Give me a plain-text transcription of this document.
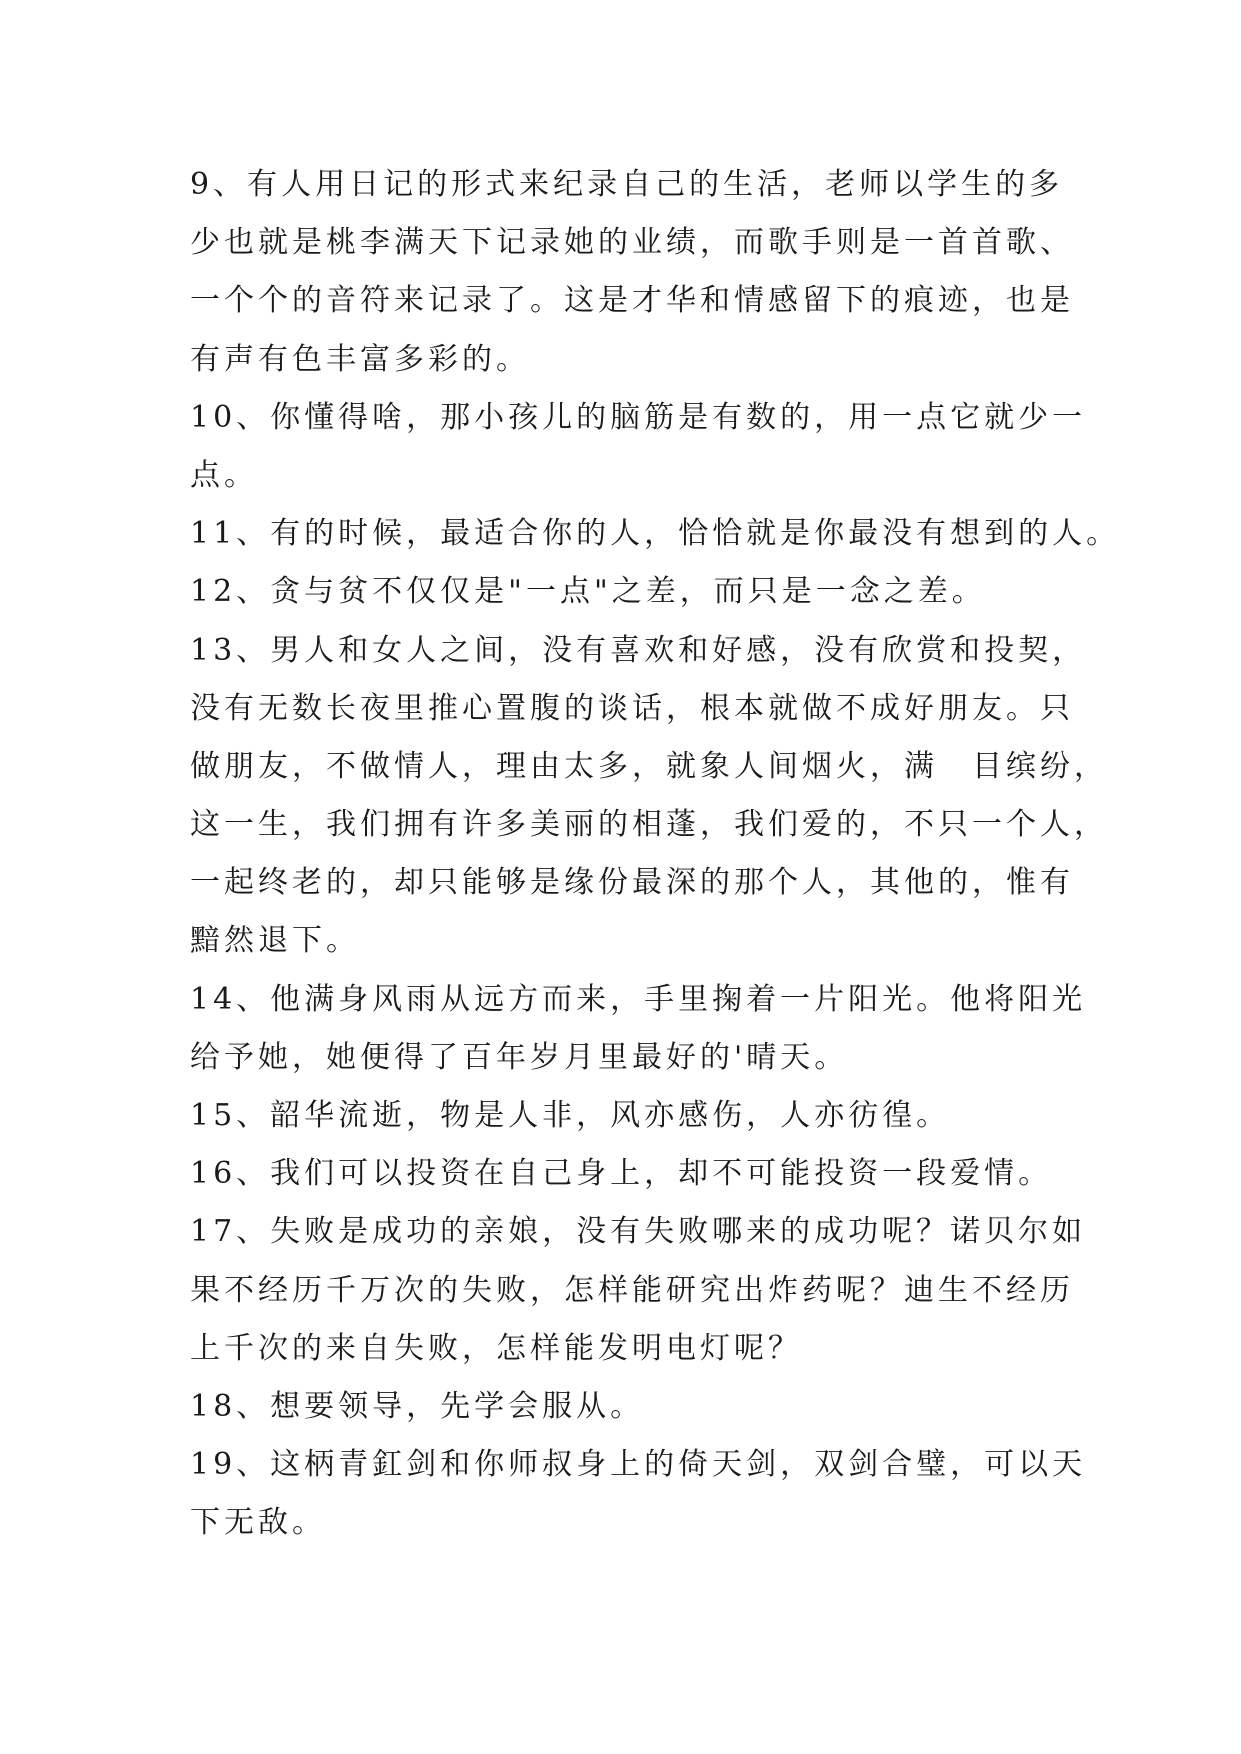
9、有人用日记的形式来纪录自己的生活，老师以学生的多
少也就是桃李满天下记录她的业绩，而歌手则是一首首歌、
一个个的音符来记录了。这是才华和情感留下的痕迹，也是
有声有色丰富多彩的。
10、你懂得啥，那小孩儿的脑筋是有数的，用一点它就少一
点。
11、有的时候，最适合你的人，恰恰就是你最没有想到的人。
12、贪与贫不仅仅是"一点"之差，而只是一念之差。
13、男人和女人之间，没有喜欢和好感，没有欣赏和投契，
没有无数长夜里推心置腹的谈话，根本就做不成好朋友。只
做朋友，不做情人，理由太多，就象人间烟火，满　目缤纷，
这一生，我们拥有许多美丽的相蓬，我们爱的，不只一个人，
一起终老的，却只能够是缘份最深的那个人，其他的，惟有
黯然退下。
14、他满身风雨从远方而来，手里掬着一片阳光。他将阳光
给予她，她便得了百年岁月里最好的'晴天。
15、韶华流逝，物是人非，风亦感伤，人亦彷徨。
16、我们可以投资在自己身上，却不可能投资一段爱情。
17、失败是成功的亲娘，没有失败哪来的成功呢？诺贝尔如
果不经历千万次的失败，怎样能研究出炸药呢？迪生不经历
上千次的来自失败，怎样能发明电灯呢？
18、想要领导，先学会服从。
19、这柄青釭剑和你师叔身上的倚天剑，双剑合璧，可以天
下无敌。
